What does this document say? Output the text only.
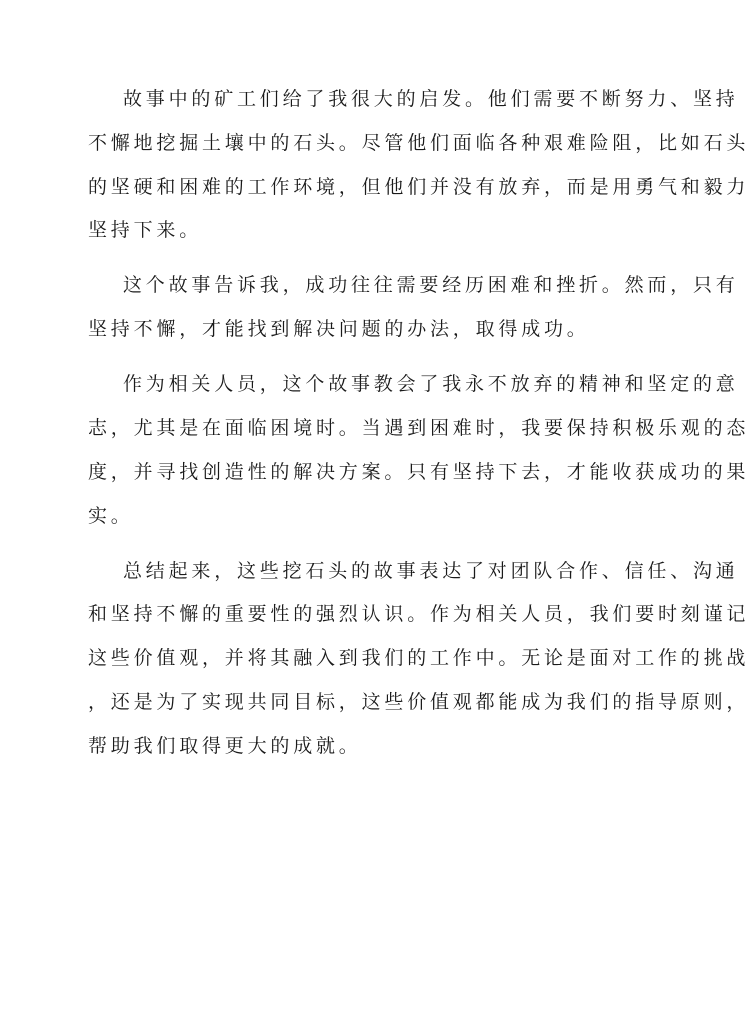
故事中的矿工们给了我很大的启发。他们需要不断努力、坚持
不懈地挖掘土壤中的石头。尽管他们面临各种艰难险阻，比如石头
的坚硬和困难的工作环境，但他们并没有放弃，而是用勇气和毅力
坚持下来。
这个故事告诉我，成功往往需要经历困难和挫折。然而，只有
坚持不懈，才能找到解决问题的办法，取得成功。
作为相关人员，这个故事教会了我永不放弃的精神和坚定的意
志，尤其是在面临困境时。当遇到困难时，我要保持积极乐观的态
度，并寻找创造性的解决方案。只有坚持下去，才能收获成功的果
实。
总结起来，这些挖石头的故事表达了对团队合作、信任、沟通
和坚持不懈的重要性的强烈认识。作为相关人员，我们要时刻谨记
这些价值观，并将其融入到我们的工作中。无论是面对工作的挑战
，还是为了实现共同目标，这些价值观都能成为我们的指导原则，
帮助我们取得更大的成就。
